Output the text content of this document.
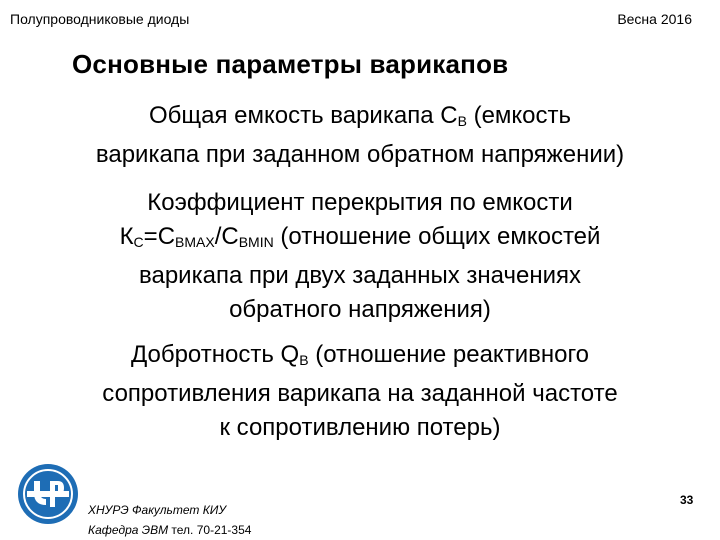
Полупроводниковые диоды	Весна 2016
Основные параметры варикапов
Общая емкость варикапа $С_В$ (емкость
варикапа при заданном обратном напряжении)
Коэффициент перекрытия по емкости
$К_С=С_{ВMAX}/С_{ВMIN}$ (отношение общих емкостей
варикапа при двух заданных значениях
обратного напряжения)
Добротность $Q_В$ (отношение реактивного
сопротивления варикапа на заданной частоте
к сопротивлению потерь)
ХНУРЭ Факультет КИУ
Кафедра ЭВМ тел. 70-21-354
33
